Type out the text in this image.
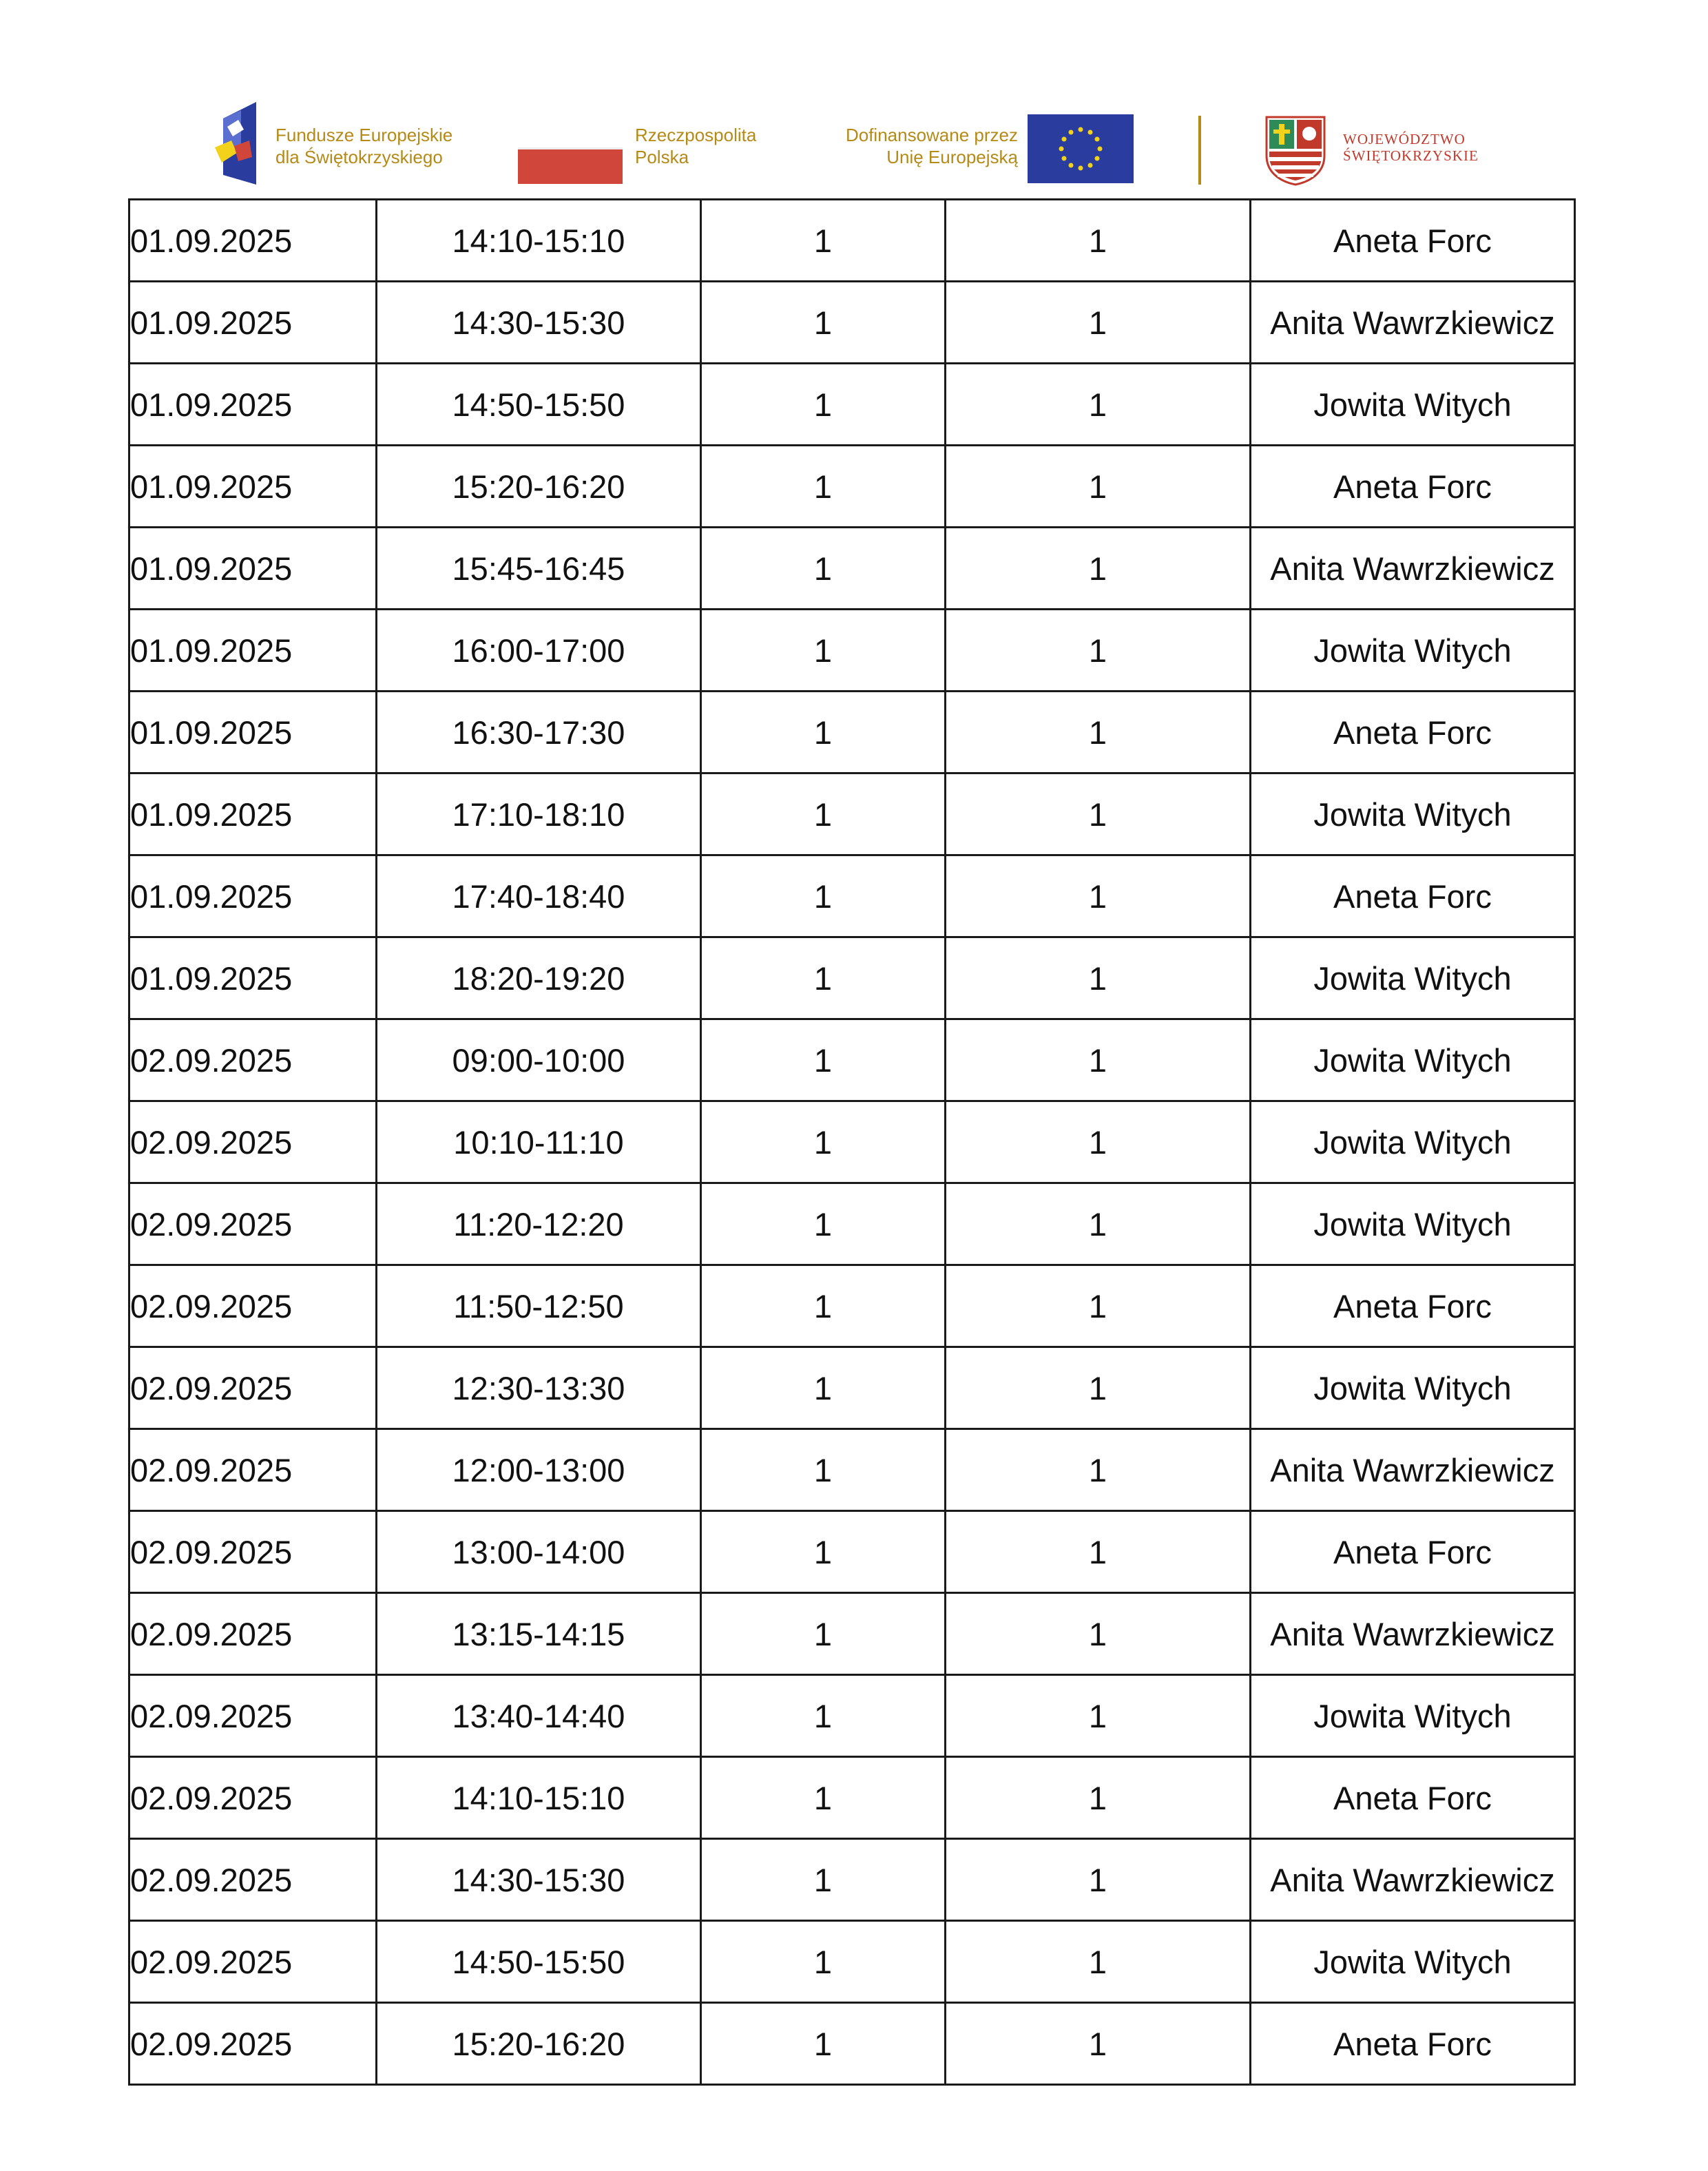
Fundusze Europejskie
dla Świętokrzyskiego
Rzeczpospolita
Polska
Dofinansowane przez
Unię Europejską
WOJEWÓDZTWO
ŚWIĘTOKRZYSKIE
01.09.2025	14:10-15:10	1	1	Aneta Forc
01.09.2025	14:30-15:30	1	1	Anita Wawrzkiewicz
01.09.2025	14:50-15:50	1	1	Jowita Witych
01.09.2025	15:20-16:20	1	1	Aneta Forc
01.09.2025	15:45-16:45	1	1	Anita Wawrzkiewicz
01.09.2025	16:00-17:00	1	1	Jowita Witych
01.09.2025	16:30-17:30	1	1	Aneta Forc
01.09.2025	17:10-18:10	1	1	Jowita Witych
01.09.2025	17:40-18:40	1	1	Aneta Forc
01.09.2025	18:20-19:20	1	1	Jowita Witych
02.09.2025	09:00-10:00	1	1	Jowita Witych
02.09.2025	10:10-11:10	1	1	Jowita Witych
02.09.2025	11:20-12:20	1	1	Jowita Witych
02.09.2025	11:50-12:50	1	1	Aneta Forc
02.09.2025	12:30-13:30	1	1	Jowita Witych
02.09.2025	12:00-13:00	1	1	Anita Wawrzkiewicz
02.09.2025	13:00-14:00	1	1	Aneta Forc
02.09.2025	13:15-14:15	1	1	Anita Wawrzkiewicz
02.09.2025	13:40-14:40	1	1	Jowita Witych
02.09.2025	14:10-15:10	1	1	Aneta Forc
02.09.2025	14:30-15:30	1	1	Anita Wawrzkiewicz
02.09.2025	14:50-15:50	1	1	Jowita Witych
02.09.2025	15:20-16:20	1	1	Aneta Forc
